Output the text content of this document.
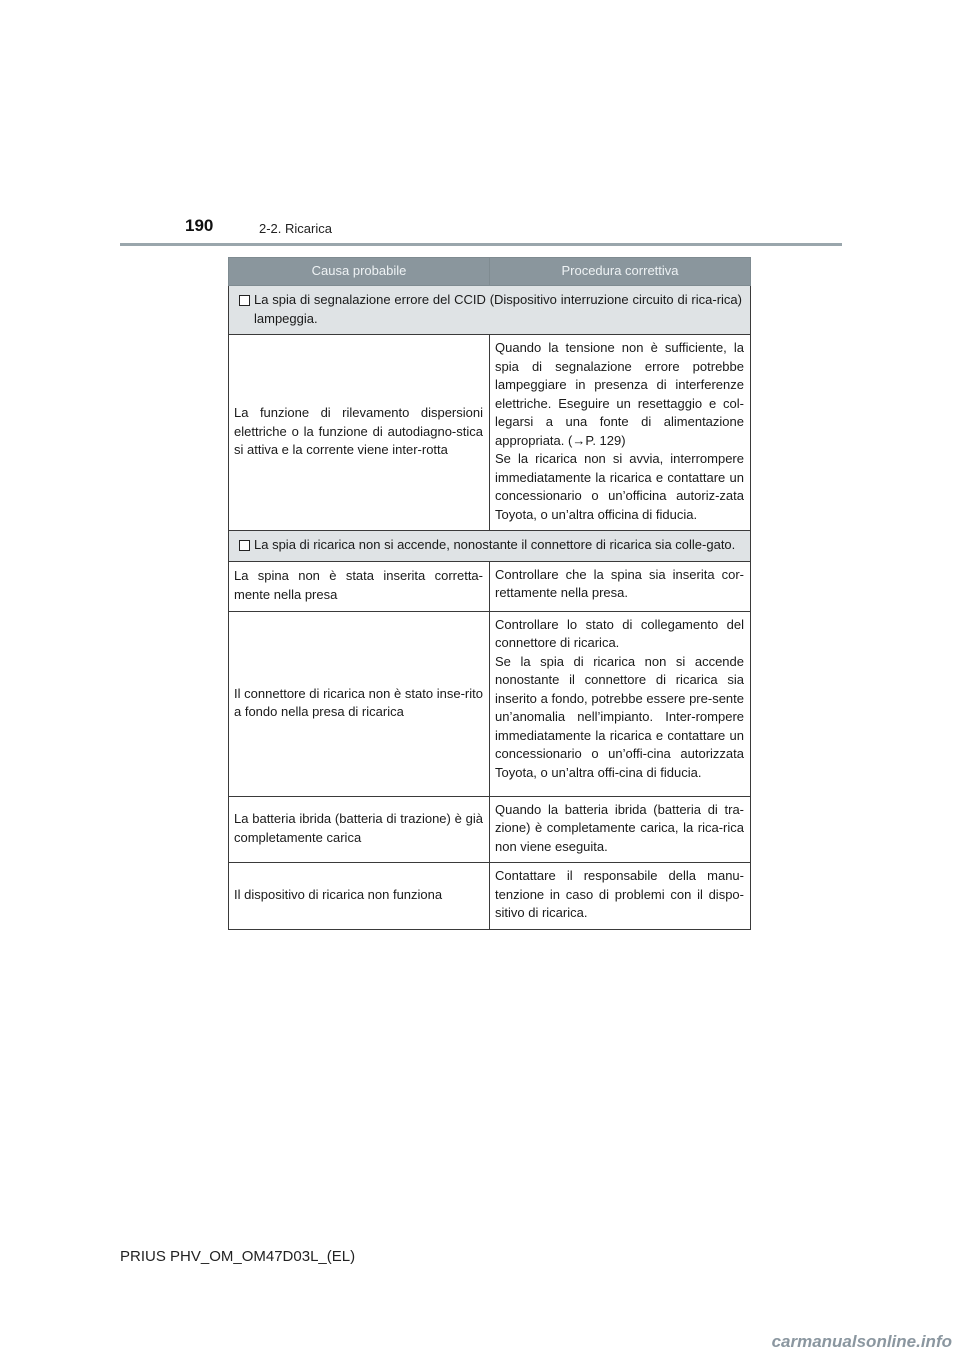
190	2-2. Ricarica
Causa probabile	Procedura correttiva

La spia di segnalazione errore del CCID (Dispositivo interruzione circuito di rica-rica) lampeggia.	
La funzione di rilevamento dispersioni elettriche o la funzione di autodiagno-stica si attiva e la corrente viene inter-rotta	Quando la tensione non è sufficiente, la spia di segnalazione errore potrebbe lampeggiare in presenza di interferenze elettriche. Eseguire un resettaggio e col-legarsi a una fonte di alimentazione appropriata. (→P. 129)
Se la ricarica non si avvia, interrompere immediatamente la ricarica e contattare un concessionario o un’officina autoriz-zata Toyota, o un’altra officina di fiducia.

La spia di ricarica non si accende, nonostante il connettore di ricarica sia colle-gato.	
La spina non è stata inserita corretta-mente nella presa	Controllare che la spina sia inserita cor-rettamente nella presa.
Il connettore di ricarica non è stato inse-rito a fondo nella presa di ricarica	Controllare lo stato di collegamento del connettore di ricarica.
Se la spia di ricarica non si accende nonostante il connettore di ricarica sia inserito a fondo, potrebbe essere pre-sente un’anomalia nell’impianto. Inter-rompere immediatamente la ricarica e contattare un concessionario o un’offi-cina autorizzata Toyota, o un’altra offi-cina di fiducia.
La batteria ibrida (batteria di trazione) è già completamente carica	Quando la batteria ibrida (batteria di tra-zione) è completamente carica, la rica-rica non viene eseguita.
Il dispositivo di ricarica non funziona	Contattare il responsabile della manu-tenzione in caso di problemi con il dispo-sitivo di ricarica.
PRIUS PHV_OM_OM47D03L_(EL)
carmanualsonline.info
